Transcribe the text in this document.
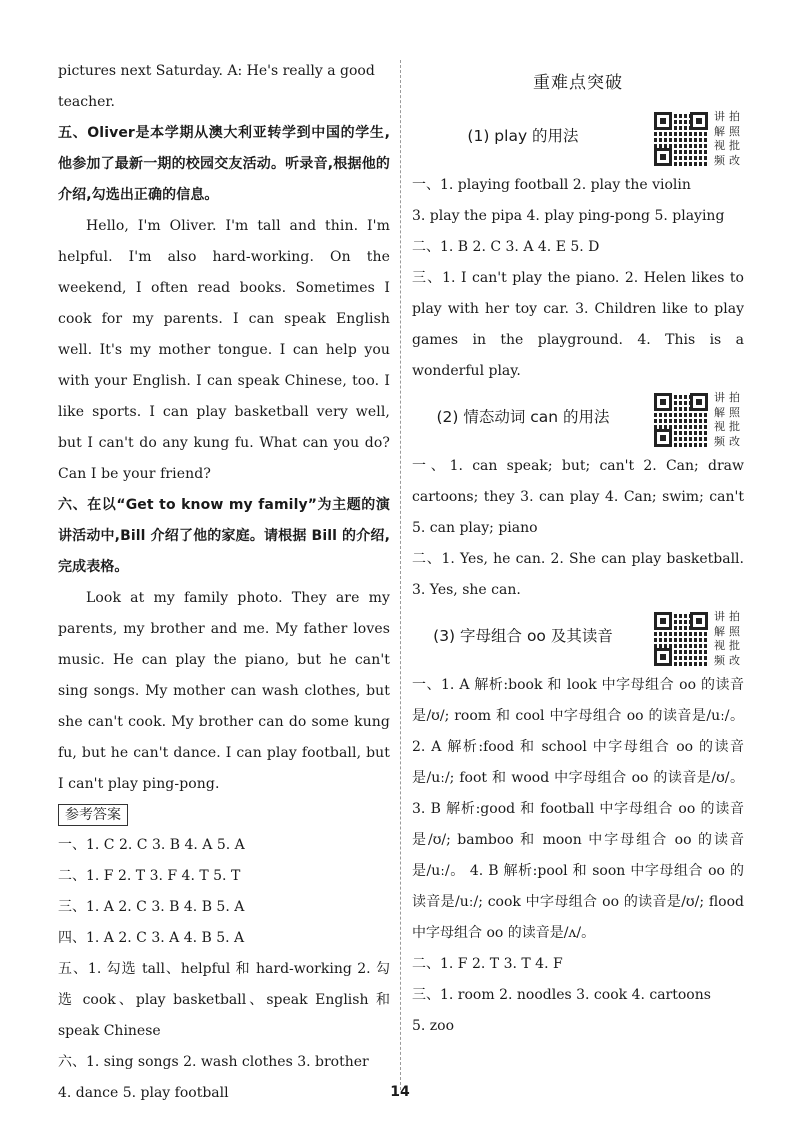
pictures next Saturday. A: He's really a good

teacher.

五、Oliver是本学期从澳大利亚转学到中国的学生,他参加了最新一期的校园交友活动。听录音,根据他的介绍,勾选出正确的信息。

Hello, I'm Oliver. I'm tall and thin. I'm helpful. I'm also hard-working. On the weekend, I often read books. Sometimes I cook for my parents. I can speak English well. It's my mother tongue. I can help you with your English. I can speak Chinese, too. I like sports. I can play basketball very well, but I can't do any kung fu. What can you do? Can I be your friend?

六、在以“Get to know my family”为主题的演讲活动中,Bill 介绍了他的家庭。请根据 Bill 的介绍,完成表格。

Look at my family photo. They are my parents, my brother and me. My father loves music. He can play the piano, but he can't sing songs. My mother can wash clothes, but she can't cook. My brother can do some kung fu, but he can't dance. I can play football, but I can't play ping-pong.

参考答案

一、1. C 2. C 3. B 4. A 5. A

二、1. F 2. T 3. F 4. T 5. T

三、1. A 2. C 3. B 4. B 5. A

四、1. A 2. C 3. A 4. B 5. A

五、1. 勾选 tall、helpful 和 hard-working 2. 勾选 cook、play basketball、speak English 和 speak Chinese

六、1. sing songs 2. wash clothes 3. brother

4. dance 5. play football

重难点突破
(1) play 的用法
讲 拍
解 照
视 批
频 改

一、1. playing football 2. play the violin

3. play the pipa 4. play ping-pong 5. playing

二、1. B 2. C 3. A 4. E 5. D

三、1. I can't play the piano. 2. Helen likes to play with her toy car. 3. Children like to play games in the playground. 4. This is a wonderful play.

(2) 情态动词 can 的用法
讲 拍
解 照
视 批
频 改

一、1. can speak; but; can't 2. Can; draw cartoons; they 3. can play 4. Can; swim; can't 5. can play; piano

二、1. Yes, he can. 2. She can play basketball. 3. Yes, she can.

(3) 字母组合 oo 及其读音
讲 拍
解 照
视 批
频 改

一、1. A 解析:book 和 look 中字母组合 oo 的读音是/ʊ/; room 和 cool 中字母组合 oo 的读音是/uː/。 2. A 解析:food 和 school 中字母组合 oo 的读音是/uː/; foot 和 wood 中字母组合 oo 的读音是/ʊ/。 3. B 解析:good 和 football 中字母组合 oo 的读音是/ʊ/; bamboo 和 moon 中字母组合 oo 的读音是/uː/。 4. B 解析:pool 和 soon 中字母组合 oo 的读音是/uː/; cook 中字母组合 oo 的读音是/ʊ/; flood 中字母组合 oo 的读音是/ʌ/。

二、1. F 2. T 3. T 4. F

三、1. room 2. noodles 3. cook 4. cartoons

5. zoo

14
